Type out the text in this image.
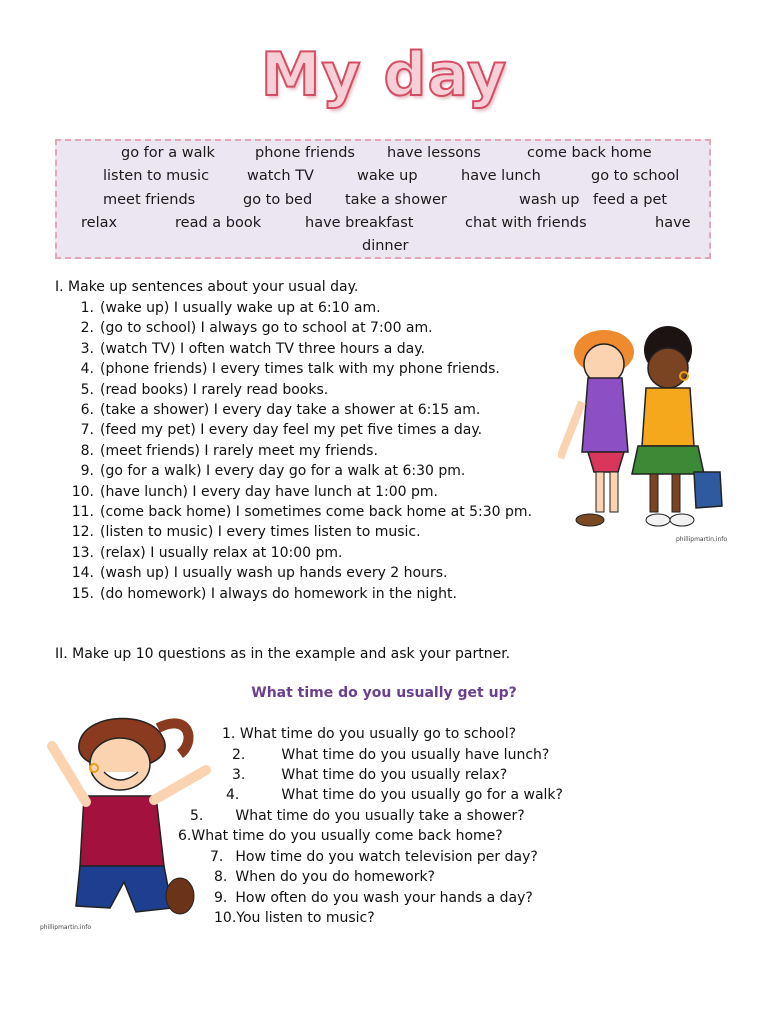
My day
go for a walk	phone friends have lessons	come back home
listen to music	watch TV	wake up	have lunch	go to school
meet friends	go to bed take a shower	wash up feed a pet
relax	read a book	have breakfast	chat with friends	have
dinner
I. Make up sentences about your usual day.
1. (wake up) I usually wake up at 6:10 am.
2. (go to school) I always go to school at 7:00 am.
3. (watch TV) I often watch TV three hours a day.
4. (phone friends) I every times talk with my phone friends.
5. (read books) I rarely read books.
6. (take a shower) I every day take a shower at 6:15 am.
7. (feed my pet) I every day feel my pet five times a day.
8. (meet friends) I rarely meet my friends.
9. (go for a walk) I every day go for a walk at 6:30 pm.
10. (have lunch) I every day have lunch at 1:00 pm.
11. (come back home) I sometimes come back home at 5:30 pm.
12. (listen to music) I every times listen to music.
13. (relax) I usually relax at 10:00 pm.
14. (wash up) I usually wash up hands every 2 hours.
15. (do homework) I always do homework in the night.
phillipmartin.info
II. Make up 10 questions as in the example and ask your partner.
What time do you usually get up?
1. What time do you usually go to school?
2.	What time do you usually have lunch?
3.	What time do you usually relax?
4.	What time do you usually go for a walk?
5. What time do you usually take a shower?
6.What time do you usually come back home?
7. How time do you watch television per day?
8. When do you do homework?
9. How often do you wash your hands a day?
10.You listen to music?
phillipmartin.info
